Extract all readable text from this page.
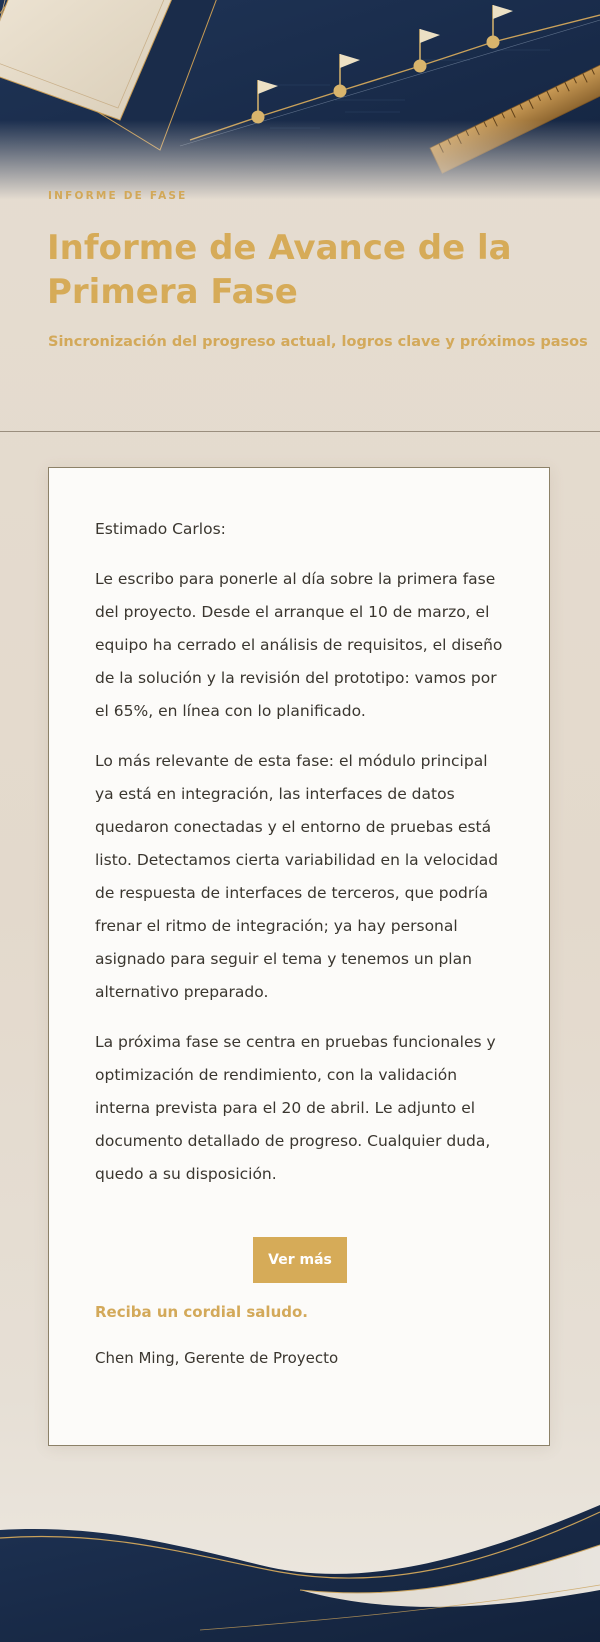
INFORME DE FASE
Informe de Avance de la Primera Fase

Sincronización del progreso actual, logros clave y próximos pasos

Estimado Carlos:

Le escribo para ponerle al día sobre la primera fase del proyecto. Desde el arranque el 10 de marzo, el equipo ha cerrado el análisis de requisitos, el diseño de la solución y la revisión del prototipo: vamos por el 65%, en línea con lo planificado.

Lo más relevante de esta fase: el módulo principal ya está en integración, las interfaces de datos quedaron conectadas y el entorno de pruebas está listo. Detectamos cierta variabilidad en la velocidad de respuesta de interfaces de terceros, que podría frenar el ritmo de integración; ya hay personal asignado para seguir el tema y tenemos un plan alternativo preparado.

La próxima fase se centra en pruebas funcionales y optimización de rendimiento, con la validación interna prevista para el 20 de abril. Le adjunto el documento detallado de progreso. Cualquier duda, quedo a su disposición.

Ver más

Reciba un cordial saludo.

Chen Ming, Gerente de Proyecto
